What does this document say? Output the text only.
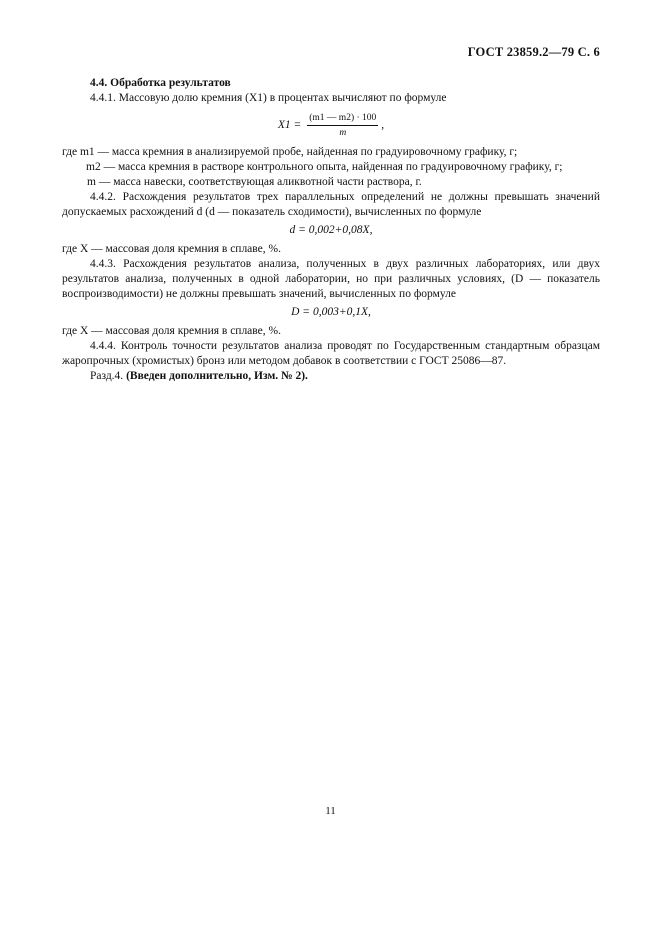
ГОСТ 23859.2—79 С. 6

4.4. Обработка результатов

4.4.1. Массовую долю кремния (X1) в процентах вычисляют по формуле

$X1 = \frac{(m1 — m2) \cdot 100}{m}$ ,

где m1 — масса кремния в анализируемой пробе, найденная по градуировочному графику, г;

m2 — масса кремния в растворе контрольного опыта, найденная по градуировочному графику, г;

m — масса навески, соответствующая аликвотной части раствора, г.

4.4.2. Расхождения результатов трех параллельных определений не должны превышать значений допускаемых расхождений d (d — показатель сходимости), вычисленных по формуле

d = 0,002+0,08X,

где X — массовая доля кремния в сплаве, %.

4.4.3. Расхождения результатов анализа, полученных в двух различных лабораториях, или двух результатов анализа, полученных в одной лаборатории, но при различных условиях, (D — показатель воспроизводимости) не должны превышать значений, вычисленных по формуле

D = 0,003+0,1X,

где X — массовая доля кремния в сплаве, %.

4.4.4. Контроль точности результатов анализа проводят по Государственным стандартным образцам жаропрочных (хромистых) бронз или методом добавок в соответствии с ГОСТ 25086—87.

Разд.4. (Введен дополнительно, Изм. № 2).

11
